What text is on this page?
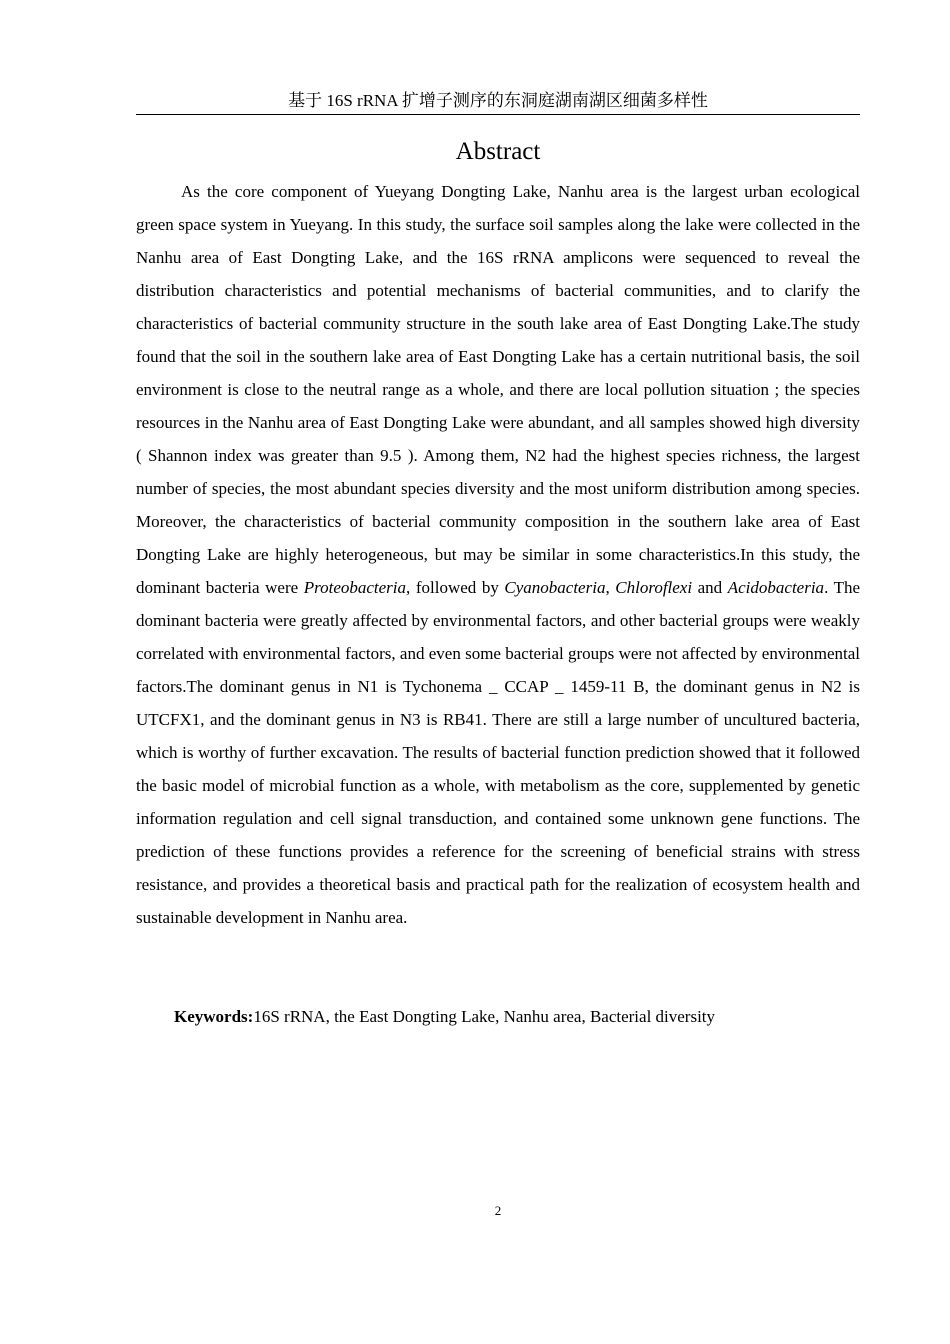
基于 16S rRNA 扩增子测序的东洞庭湖南湖区细菌多样性
Abstract

As the core component of Yueyang Dongting Lake, Nanhu area is the largest urban ecological green space system in Yueyang. In this study, the surface soil samples along the lake were collected in the Nanhu area of East Dongting Lake, and the 16S rRNA amplicons were sequenced to reveal the distribution characteristics and potential mechanisms of bacterial communities, and to clarify the characteristics of bacterial community structure in the south lake area of East Dongting Lake.The study found that the soil in the southern lake area of East Dongting Lake has a certain nutritional basis, the soil environment is close to the neutral range as a whole, and there are local pollution situation ; the species resources in the Nanhu area of East Dongting Lake were abundant, and all samples showed high diversity ( Shannon index was greater than 9.5 ). Among them, N2 had the highest species richness, the largest number of species, the most abundant species diversity and the most uniform distribution among species. Moreover, the characteristics of bacterial community composition in the southern lake area of East Dongting Lake are highly heterogeneous, but may be similar in some characteristics.In this study, the dominant bacteria were Proteobacteria, followed by Cyanobacteria, Chloroflexi and Acidobacteria. The dominant bacteria were greatly affected by environmental factors, and other bacterial groups were weakly correlated with environmental factors, and even some bacterial groups were not affected by environmental factors.The dominant genus in N1 is Tychonema _ CCAP _ 1459-11 B, the dominant genus in N2 is UTCFX1, and the dominant genus in N3 is RB41. There are still a large number of uncultured bacteria, which is worthy of further excavation. The results of bacterial function prediction showed that it followed the basic model of microbial function as a whole, with metabolism as the core, supplemented by genetic information regulation and cell signal transduction, and contained some unknown gene functions. The prediction of these functions provides a reference for the screening of beneficial strains with stress resistance, and provides a theoretical basis and practical path for the realization of ecosystem health and sustainable development in Nanhu area.

Keywords:16S rRNA, the East Dongting Lake, Nanhu area, Bacterial diversity

2
